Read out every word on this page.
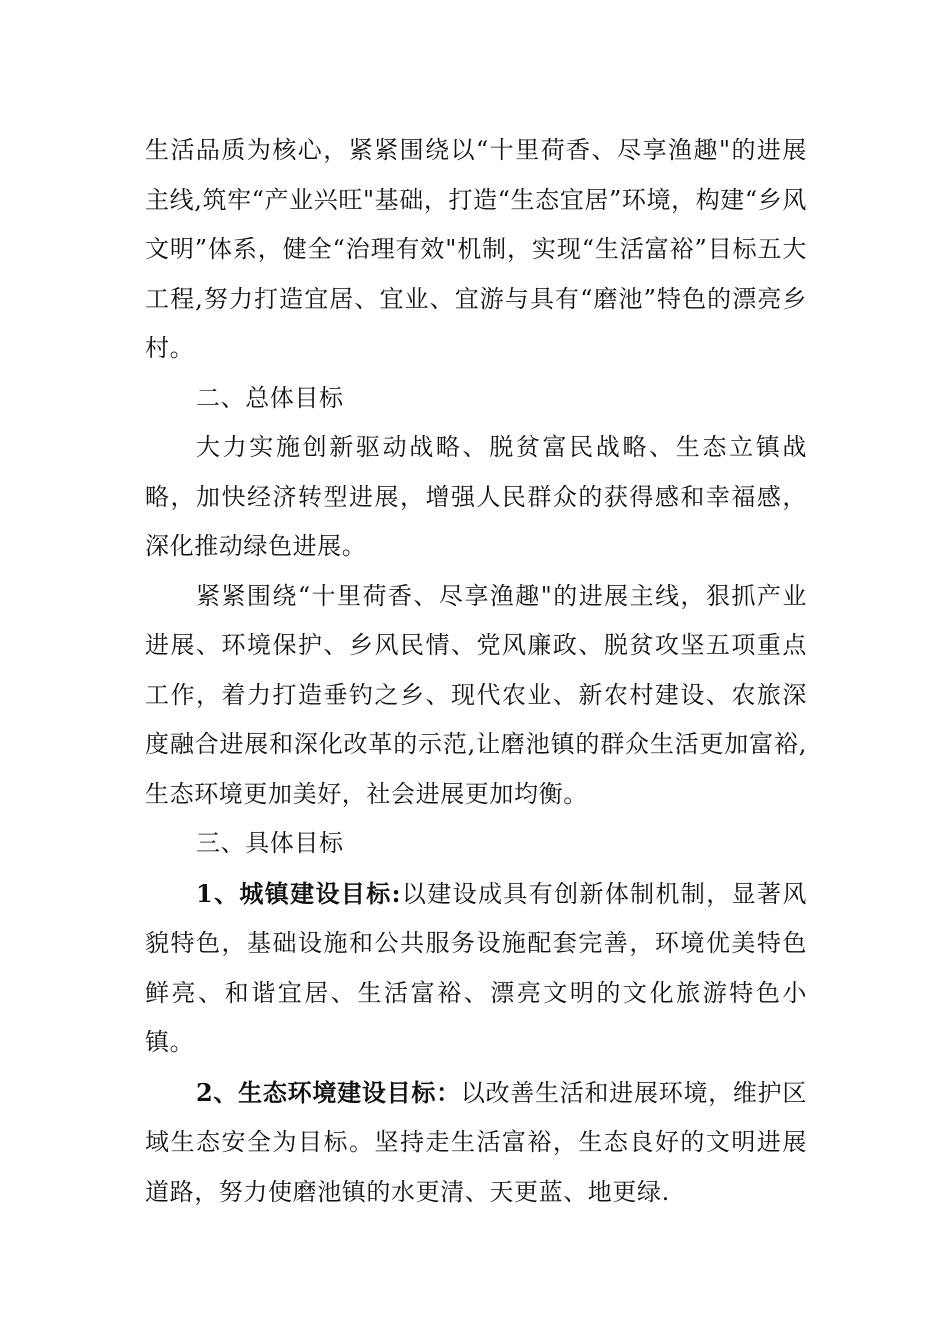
生活品质为核心，紧紧围绕以“十里荷香、尽享渔趣"的进展主线,筑牢“产业兴旺"基础，打造“生态宜居”环境，构建“乡风文明”体系，健全“治理有效"机制，实现“生活富裕”目标五大工程,努力打造宜居、宜业、宜游与具有“磨池”特色的漂亮乡村。

二、总体目标

大力实施创新驱动战略、脱贫富民战略、生态立镇战略，加快经济转型进展，增强人民群众的获得感和幸福感，深化推动绿色进展。

紧紧围绕“十里荷香、尽享渔趣"的进展主线，狠抓产业进展、环境保护、乡风民情、党风廉政、脱贫攻坚五项重点工作，着力打造垂钓之乡、现代农业、新农村建设、农旅深度融合进展和深化改革的示范,让磨池镇的群众生活更加富裕,生态环境更加美好，社会进展更加均衡。

三、具体目标

1、城镇建设目标:以建设成具有创新体制机制，显著风貌特色，基础设施和公共服务设施配套完善，环境优美特色鲜亮、和谐宜居、生活富裕、漂亮文明的文化旅游特色小镇。

2、生态环境建设目标：以改善生活和进展环境，维护区域生态安全为目标。坚持走生活富裕，生态良好的文明进展道路，努力使磨池镇的水更清、天更蓝、地更绿.
